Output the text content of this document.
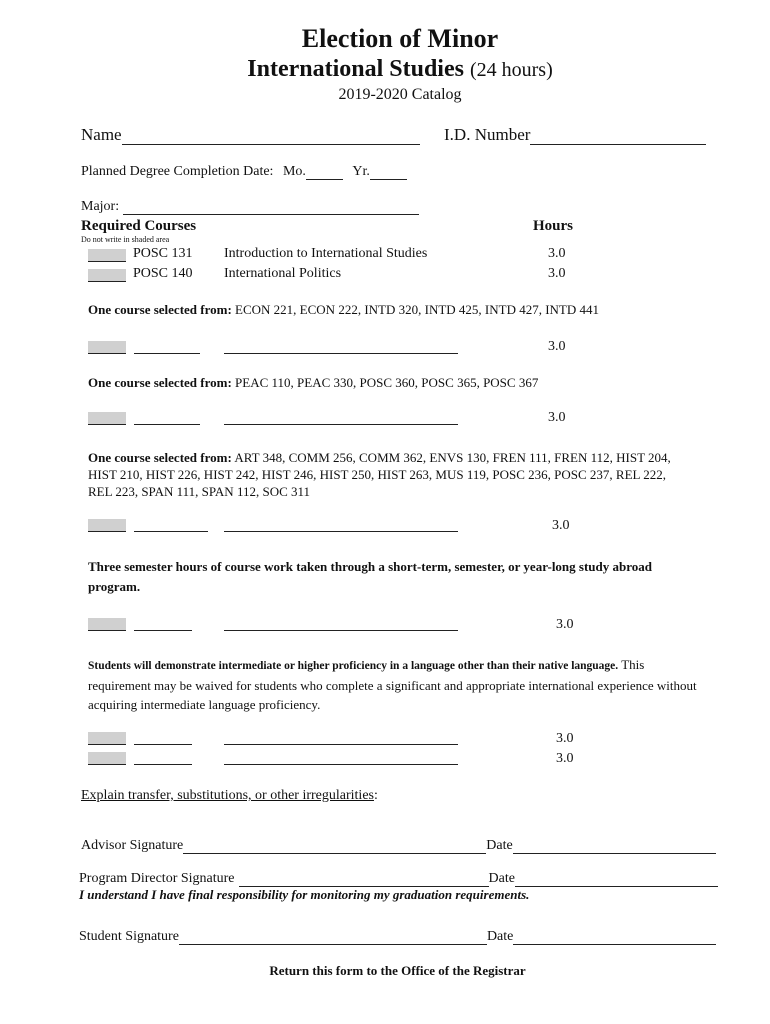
Election of Minor
International Studies (24 hours)
2019-2020 Catalog
Name	I.D. Number
Planned Degree Completion Date: Mo.	Yr.
Major:
Required Courses	Hours
Do not write in shaded area
POSC 131 Introduction to International Studies	3.0
POSC 140 International Politics	3.0
One course selected from: ECON 221, ECON 222, INTD 320, INTD 425, INTD 427, INTD 441
3.0
One course selected from: PEAC 110, PEAC 330, POSC 360, POSC 365, POSC 367
3.0
One course selected from: ART 348, COMM 256, COMM 362, ENVS 130, FREN 111, FREN 112, HIST 204, HIST 210, HIST 226, HIST 242, HIST 246, HIST 250, HIST 263, MUS 119, POSC 236, POSC 237, REL 222, REL 223, SPAN 111, SPAN 112, SOC 311
3.0
Three semester hours of course work taken through a short-term, semester, or year-long study abroad program.
3.0
Students will demonstrate intermediate or higher proficiency in a language other than their native language. This requirement may be waived for students who complete a significant and appropriate international experience without acquiring intermediate language proficiency.
3.0
3.0
Explain transfer, substitutions, or other irregularities:
Advisor Signature	Date
Program Director Signature	Date
I understand I have final responsibility for monitoring my graduation requirements.
Student Signature	Date
Return this form to the Office of the Registrar
